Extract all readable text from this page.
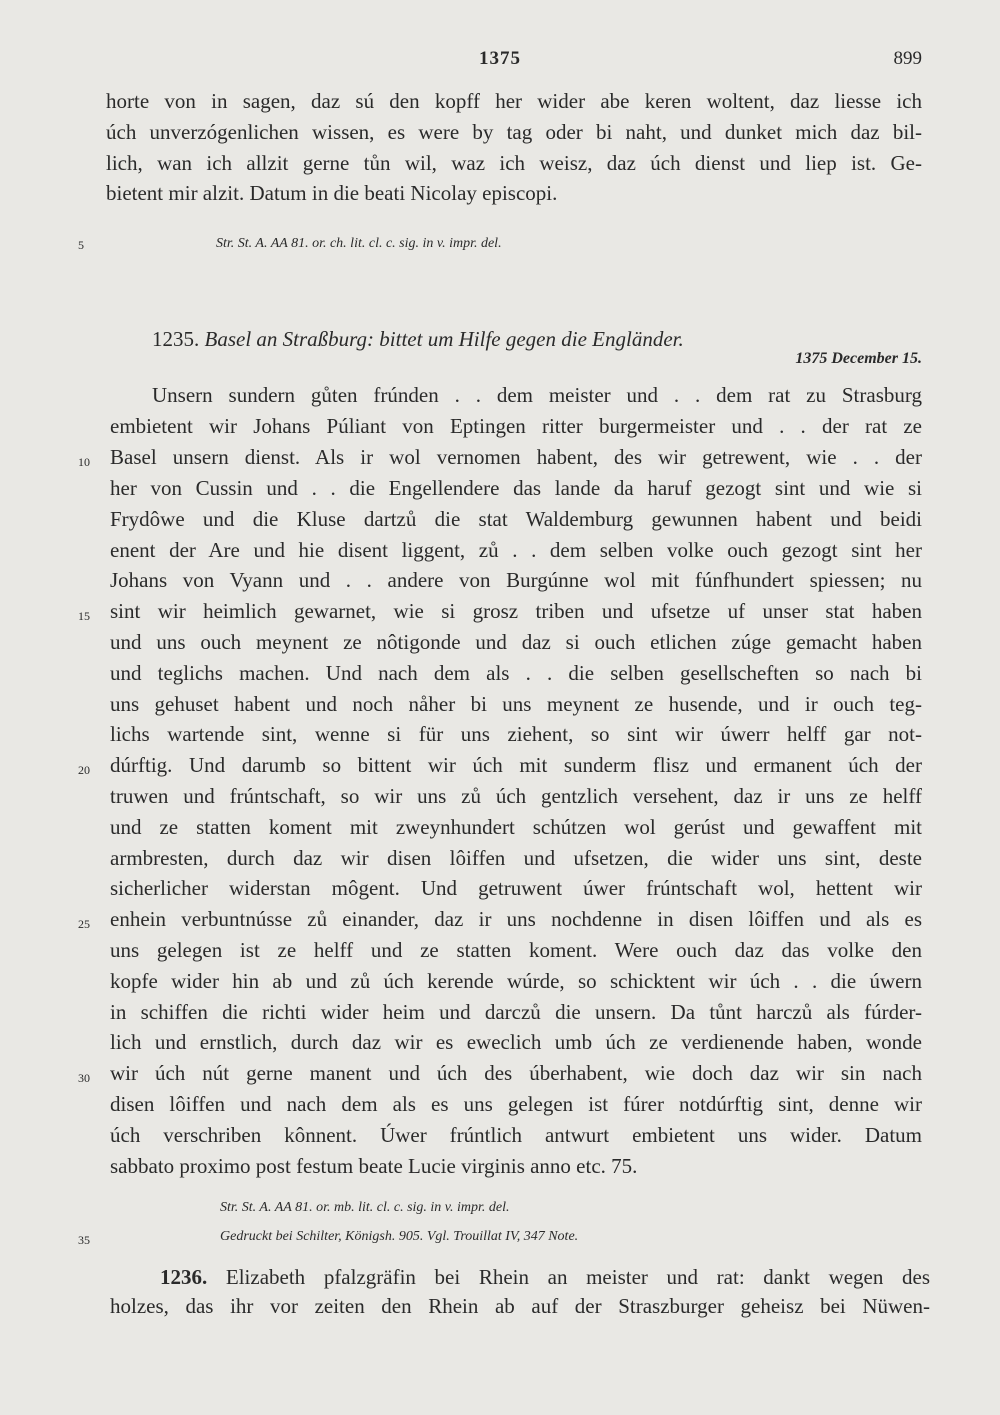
1375	899
horte von in sagen, daz sú den kopff her wider abe keren woltent, daz liesse ich
úch unverzógenlichen wissen, es were by tag oder bi naht, und dunket mich daz bil-
lich, wan ich allzit gerne tůn wil, waz ich weisz, daz úch dienst und liep ist. Ge-
bietent mir alzit. Datum in die beati Nicolay episcopi.
5	Str. St. A. AA 81. or. ch. lit. cl. c. sig. in v. impr. del.
1235. Basel an Straßburg: bittet um Hilfe gegen die Engländer.
1375 December 15.
Unsern sundern gůten frúnden . . dem meister und . . dem rat zu Strasburg
embietent wir Johans Púliant von Eptingen ritter burgermeister und . . der rat ze
Basel unsern dienst. Als ir wol vernomen habent, des wir getrewent, wie . . der
her von Cussin und . . die Engellendere das lande da haruf gezogt sint und wie si
Frydôwe und die Kluse dartzů die stat Waldemburg gewunnen habent und beidi
enent der Are und hie disent liggent, zů . . dem selben volke ouch gezogt sint her
Johans von Vyann und . . andere von Burgúnne wol mit fúnfhundert spiessen; nu
sint wir heimlich gewarnet, wie si grosz triben und ufsetze uf unser stat haben
und uns ouch meynent ze nôtigonde und daz si ouch etlichen zúge gemacht haben
und teglichs machen. Und nach dem als . . die selben gesellscheften so nach bi
uns gehuset habent und noch nåher bi uns meynent ze husende, und ir ouch teg-
lichs wartende sint, wenne si für uns ziehent, so sint wir úwerr helff gar not-
dúrftig. Und darumb so bittent wir úch mit sunderm flisz und ermanent úch der
truwen und frúntschaft, so wir uns zů úch gentzlich versehent, daz ir uns ze helff
und ze statten koment mit zweynhundert schútzen wol gerúst und gewaffent mit
armbresten, durch daz wir disen lôiffen und ufsetzen, die wider uns sint, deste
sicherlicher widerstan môgent. Und getruwent úwer frúntschaft wol, hettent wir
enhein verbuntnússe zů einander, daz ir uns nochdenne in disen lôiffen und als es
uns gelegen ist ze helff und ze statten koment. Were ouch daz das volke den
kopfe wider hin ab und zů úch kerende wúrde, so schicktent wir úch . . die úwern
in schiffen die richti wider heim und darczů die unsern. Da tůnt harczů als fúrder-
lich und ernstlich, durch daz wir es eweclich umb úch ze verdienende haben, wonde
wir úch nút gerne manent und úch des úberhabent, wie doch daz wir sin nach
disen lôiffen und nach dem als es uns gelegen ist fúrer notdúrftig sint, denne wir
úch verschriben kônnent. Úwer frúntlich antwurt embietent uns wider. Datum
sabbato proximo post festum beate Lucie virginis anno etc. 75.
10
15
20
25
30
35
Str. St. A. AA 81. or. mb. lit. cl. c. sig. in v. impr. del.
Gedruckt bei Schilter, Königsh. 905. Vgl. Trouillat IV, 347 Note.
1236. Elizabeth pfalzgräfin bei Rhein an meister und rat: dankt wegen des
holzes, das ihr vor zeiten den Rhein ab auf der Straszburger geheisz bei Nüwen-
